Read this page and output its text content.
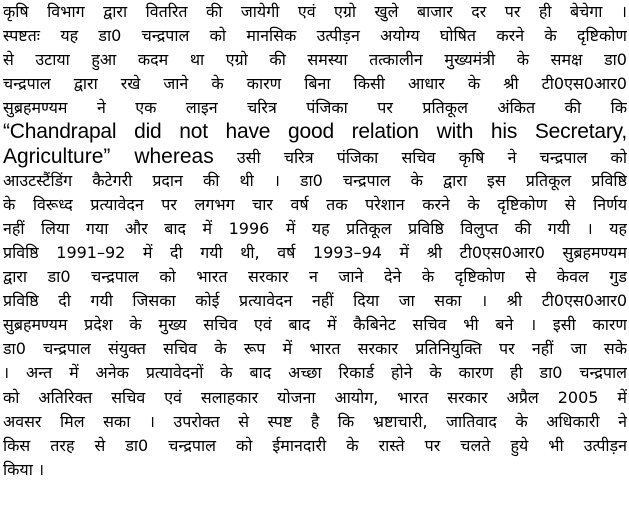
कृषि विभाग द्वारा वितरित की जायेगी एवं एग्रो खुले बाजार दर पर ही बेचेगा ।
स्पष्टतः यह डा0 चन्द्रपाल को मानसिक उत्पीड़न अयोग्य घोषित करने के दृष्टिकोण
से उटाया हुआ कदम था एग्रो की समस्या तत्कालीन मुख्यमंत्री के समक्ष डा0
चन्द्रपाल द्वारा रखे जाने के कारण बिना किसी आधार के श्री टी0एस0आर0
सुब्रहमण्यम ने एक लाइन चरित्र पंजिका पर प्रतिकूल अंकित की कि
“Chandrapal did not have good relation with his Secretary,
Agriculture” whereas उसी चरित्र पंजिका सचिव कृषि ने चन्द्रपाल को
आउटस्टैंडिंग कैटेगरी प्रदान की थी । डा0 चन्द्रपाल के द्वारा इस प्रतिकूल प्रविष्ठि
के विरूध्द प्रत्यावेदन पर लगभग चार वर्ष तक परेशान करने के दृष्टिकोण से निर्णय
नहीं लिया गया और बाद में 1996 में यह प्रतिकूल प्रविष्ठि विलुप्त की गयी । यह
प्रविष्ठि 1991–92 में दी गयी थी, वर्ष 1993–94 में श्री टी0एस0आर0 सुब्रहमण्यम
द्वारा डा0 चन्द्रपाल को भारत सरकार न जाने देने के दृष्टिकोण से केवल गुड
प्रविष्ठि दी गयी जिसका कोई प्रत्यावेदन नहीं दिया जा सका । श्री टी0एस0आर0
सुब्रहमण्यम प्रदेश के मुख्य सचिव एवं बाद में कैबिनेट सचिव भी बने । इसी कारण
डा0 चन्द्रपाल संयुक्त सचिव के रूप में भारत सरकार प्रतिनियुक्ति पर नहीं जा सके
। अन्त में अनेक प्रत्यावेदनों के बाद अच्छा रिकार्ड होने के कारण ही डा0 चन्द्रपाल
को अतिरिक्त सचिव एवं सलाहकार योजना आयोग, भारत सरकार अप्रैल 2005 में
अवसर मिल सका । उपरोक्त से स्पष्ट है कि भ्रष्टाचारी, जातिवाद के अधिकारी ने
किस तरह से डा0 चन्द्रपाल को ईमानदारी के रास्ते पर चलते हुये भी उत्पीड़न
किया ।
